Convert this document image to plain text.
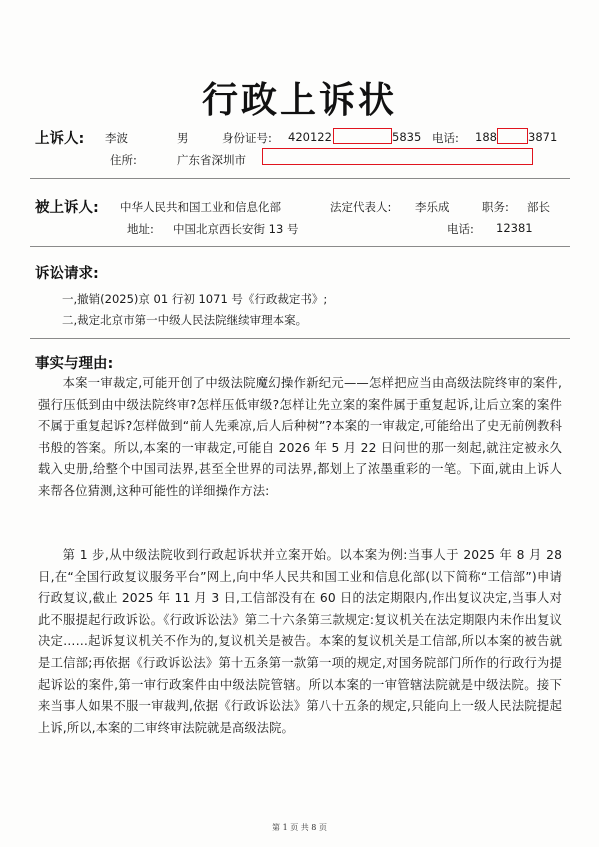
行政上诉状
上诉人: 李波	男	身份证号: 420122	5835 电话: 188	3871
住所:	广东省深圳市
被上诉人: 中华人民共和国工业和信息化部	法定代表人: 李乐成	职务: 部长
地址: 中国北京西长安街 13 号	电话: 12381
诉讼请求:
一,撤销(2025)京 01 行初 1071 号《行政裁定书》;
二,裁定北京市第一中级人民法院继续审理本案。
事实与理由:
本案一审裁定,可能开创了中级法院魔幻操作新纪元——怎样把应当由高级法院终审的案件,强行压低到由中级法院终审?怎样压低审级?怎样让先立案的案件属于重复起诉,让后立案的案件不属于重复起诉?怎样做到“前人先乘凉,后人后种树”?本案的一审裁定,可能给出了史无前例教科书般的答案。所以,本案的一审裁定,可能自 2026 年 5 月 22 日问世的那一刻起,就注定被永久载入史册,给整个中国司法界,甚至全世界的司法界,都划上了浓墨重彩的一笔。下面,就由上诉人来帮各位猜测,这种可能性的详细操作方法:
第 1 步,从中级法院收到行政起诉状并立案开始。以本案为例:当事人于 2025 年 8 月 28 日,在“全国行政复议服务平台”网上,向中华人民共和国工业和信息化部(以下简称“工信部”)申请行政复议,截止 2025 年 11 月 3 日,工信部没有在 60 日的法定期限内,作出复议决定,当事人对此不服提起行政诉讼。《行政诉讼法》第二十六条第三款规定:复议机关在法定期限内未作出复议决定……起诉复议机关不作为的,复议机关是被告。本案的复议机关是工信部,所以本案的被告就是工信部;再依据《行政诉讼法》第十五条第一款第一项的规定,对国务院部门所作的行政行为提起诉讼的案件,第一审行政案件由中级法院管辖。所以本案的一审管辖法院就是中级法院。接下来当事人如果不服一审裁判,依据《行政诉讼法》第八十五条的规定,只能向上一级人民法院提起上诉,所以,本案的二审终审法院就是高级法院。
第 1 页 共 8 页
